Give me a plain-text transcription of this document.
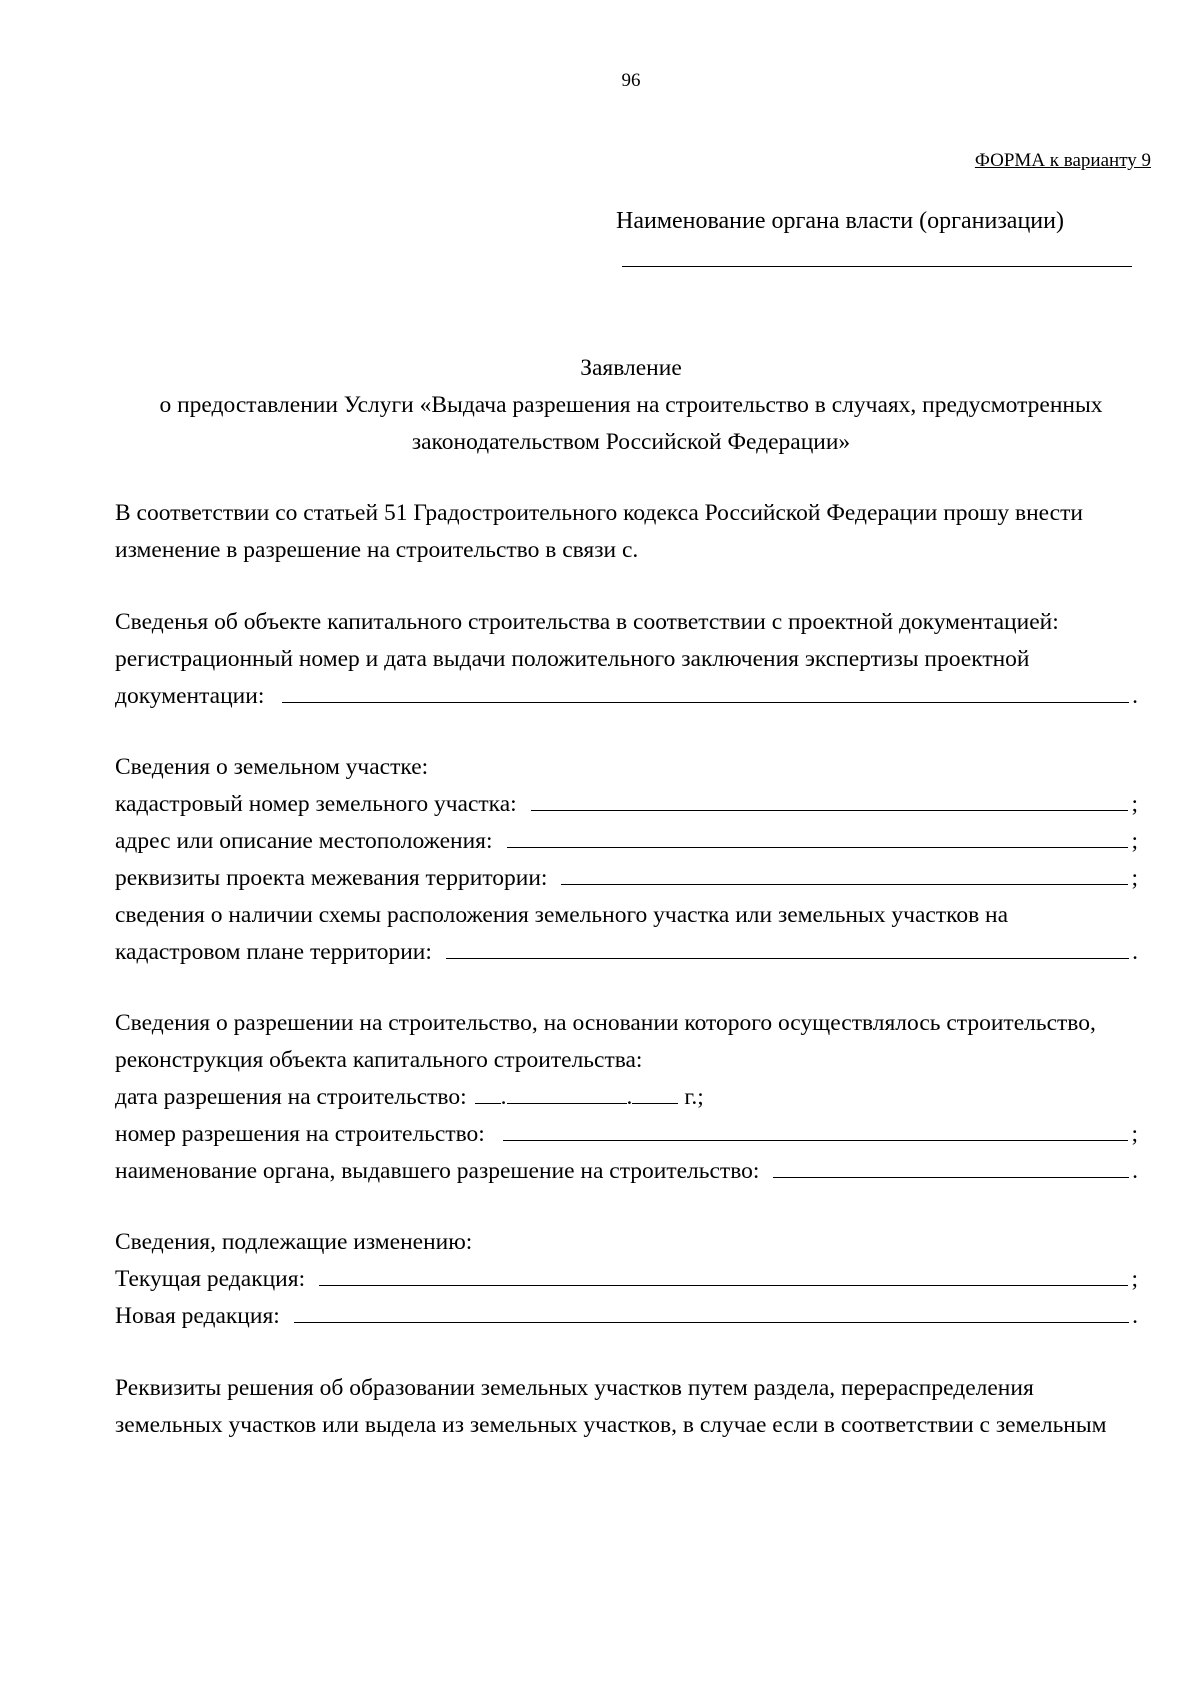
96
ФОРМА к варианту 9
Наименование органа власти (организации)
Заявление
о предоставлении Услуги «Выдача разрешения на строительство в случаях, предусмотренных
законодательством Российской Федерации»
В соответствии со статьей 51 Градостроительного кодекса Российской Федерации прошу внести
изменение в разрешение на строительство в связи с.
Сведенья об объекте капитального строительства в соответствии с проектной документацией:
регистрационный номер и дата выдачи положительного заключения экспертизы проектной
документации:	.
Сведения о земельном участке:
кадастровый номер земельного участка:	;
адрес или описание местоположения:	;
реквизиты проекта межевания территории:	;
сведения о наличии схемы расположения земельного участка или земельных участков на
кадастровом плане территории:	.
Сведения о разрешении на строительство, на основании которого осуществлялось строительство,
реконструкция объекта капитального строительства:
дата разрешения на строительство: .	. г.;
номер разрешения на строительство:	;
наименование органа, выдавшего разрешение на строительство:	.
Сведения, подлежащие изменению:
Текущая редакция:	;
Новая редакция:	.
Реквизиты решения об образовании земельных участков путем раздела, перераспределения
земельных участков или выдела из земельных участков, в случае если в соответствии с земельным
